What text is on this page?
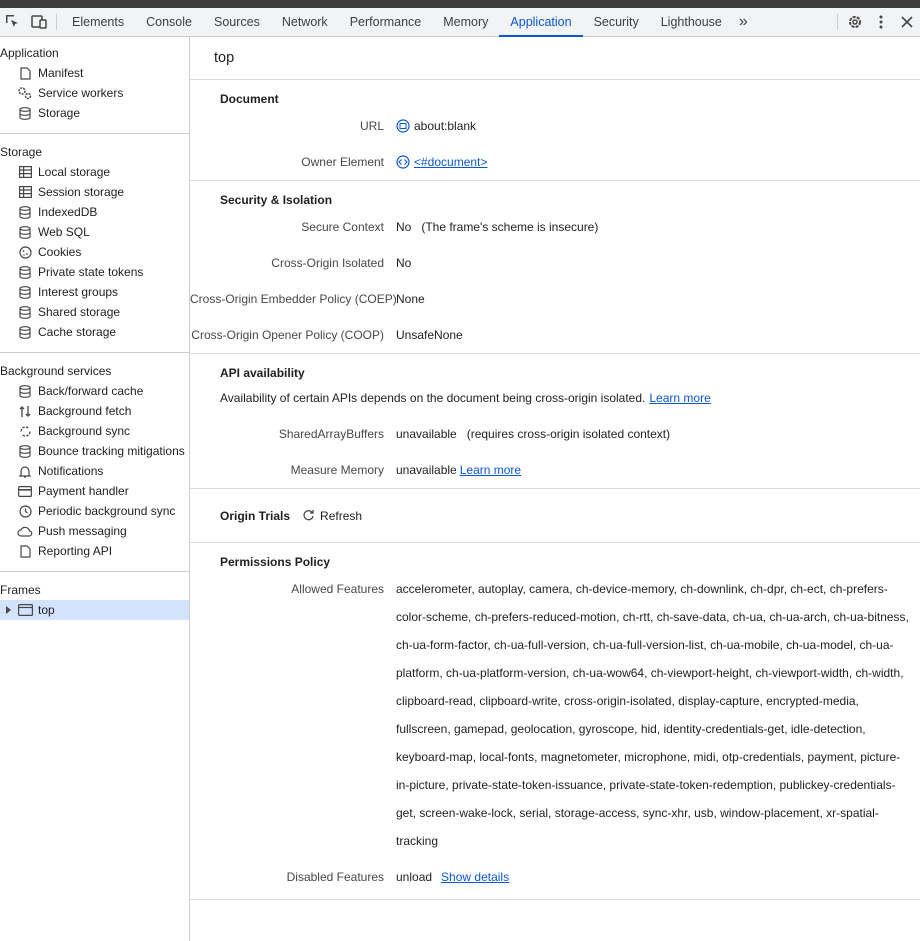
Elements	Console	Sources	Network	Performance	Memory	Application	Security	Lighthouse	»
Application
Manifest
Service workers
Storage
Storage
Local storage
Session storage
IndexedDB
Web SQL
Cookies
Private state tokens
Interest groups
Shared storage
Cache storage
Background services
Back/forward cache
Background fetch
Background sync
Bounce tracking mitigations
Notifications
Payment handler
Periodic background sync
Push messaging
Reporting API
Frames
top
top
Document
URL	about:blank
Owner Element	<#document>
Security & Isolation
Secure Context	No (The frame's scheme is insecure)
Cross-Origin Isolated	No
Cross-Origin Embedder Policy (COEP) None
Cross-Origin Opener Policy (COOP)	UnsafeNone
API availability
Availability of certain APIs depends on the document being cross-origin isolated. Learn more
SharedArrayBuffers	unavailable (requires cross-origin isolated context)
Measure Memory	unavailable Learn more
Origin Trials	Refresh
Permissions Policy
Allowed Features	accelerometer, autoplay, camera, ch-device-memory, ch-downlink, ch-dpr, ch-ect, ch-prefers-
color-scheme, ch-prefers-reduced-motion, ch-rtt, ch-save-data, ch-ua, ch-ua-arch, ch-ua-bitness,
ch-ua-form-factor, ch-ua-full-version, ch-ua-full-version-list, ch-ua-mobile, ch-ua-model, ch-ua-
platform, ch-ua-platform-version, ch-ua-wow64, ch-viewport-height, ch-viewport-width, ch-width,
clipboard-read, clipboard-write, cross-origin-isolated, display-capture, encrypted-media,
fullscreen, gamepad, geolocation, gyroscope, hid, identity-credentials-get, idle-detection,
keyboard-map, local-fonts, magnetometer, microphone, midi, otp-credentials, payment, picture-
in-picture, private-state-token-issuance, private-state-token-redemption, publickey-credentials-
get, screen-wake-lock, serial, storage-access, sync-xhr, usb, window-placement, xr-spatial-
tracking
Disabled Features	unload Show details
